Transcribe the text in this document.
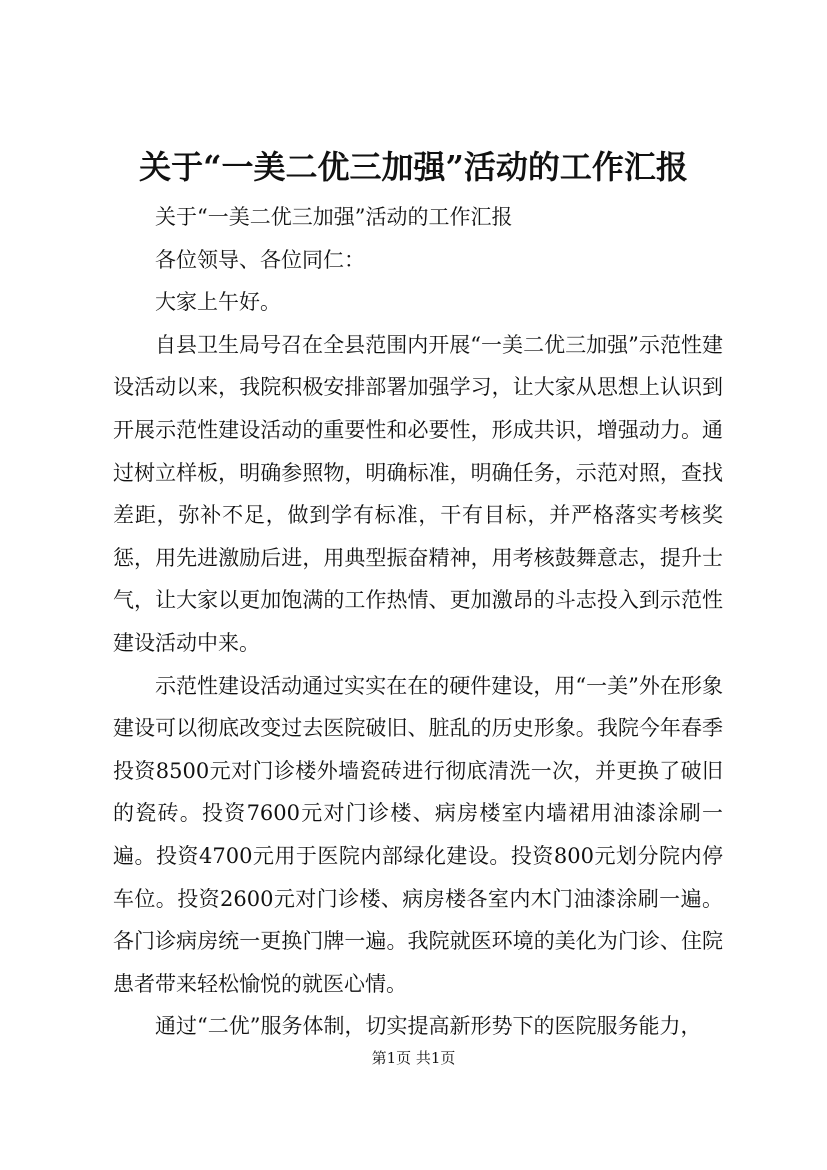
关于“一美二优三加强”活动的工作汇报

关于“一美二优三加强”活动的工作汇报

各位领导、各位同仁：

大家上午好。

自县卫生局号召在全县范围内开展“一美二优三加强”示范性建设活动以来，我院积极安排部署加强学习，让大家从思想上认识到开展示范性建设活动的重要性和必要性，形成共识，增强动力。通过树立样板，明确参照物，明确标准，明确任务，示范对照，查找差距，弥补不足，做到学有标准，干有目标，并严格落实考核奖惩，用先进激励后进，用典型振奋精神，用考核鼓舞意志，提升士气，让大家以更加饱满的工作热情、更加激昂的斗志投入到示范性建设活动中来。

示范性建设活动通过实实在在的硬件建设，用“一美”外在形象建设可以彻底改变过去医院破旧、脏乱的历史形象。我院今年春季投资8500元对门诊楼外墙瓷砖进行彻底清洗一次，并更换了破旧的瓷砖。投资7600元对门诊楼、病房楼室内墙裙用油漆涂刷一遍。投资4700元用于医院内部绿化建设。投资800元划分院内停车位。投资2600元对门诊楼、病房楼各室内木门油漆涂刷一遍。各门诊病房统一更换门牌一遍。我院就医环境的美化为门诊、住院患者带来轻松愉悦的就医心情。

通过“二优”服务体制，切实提高新形势下的医院服务能力，

第1页 共1页
